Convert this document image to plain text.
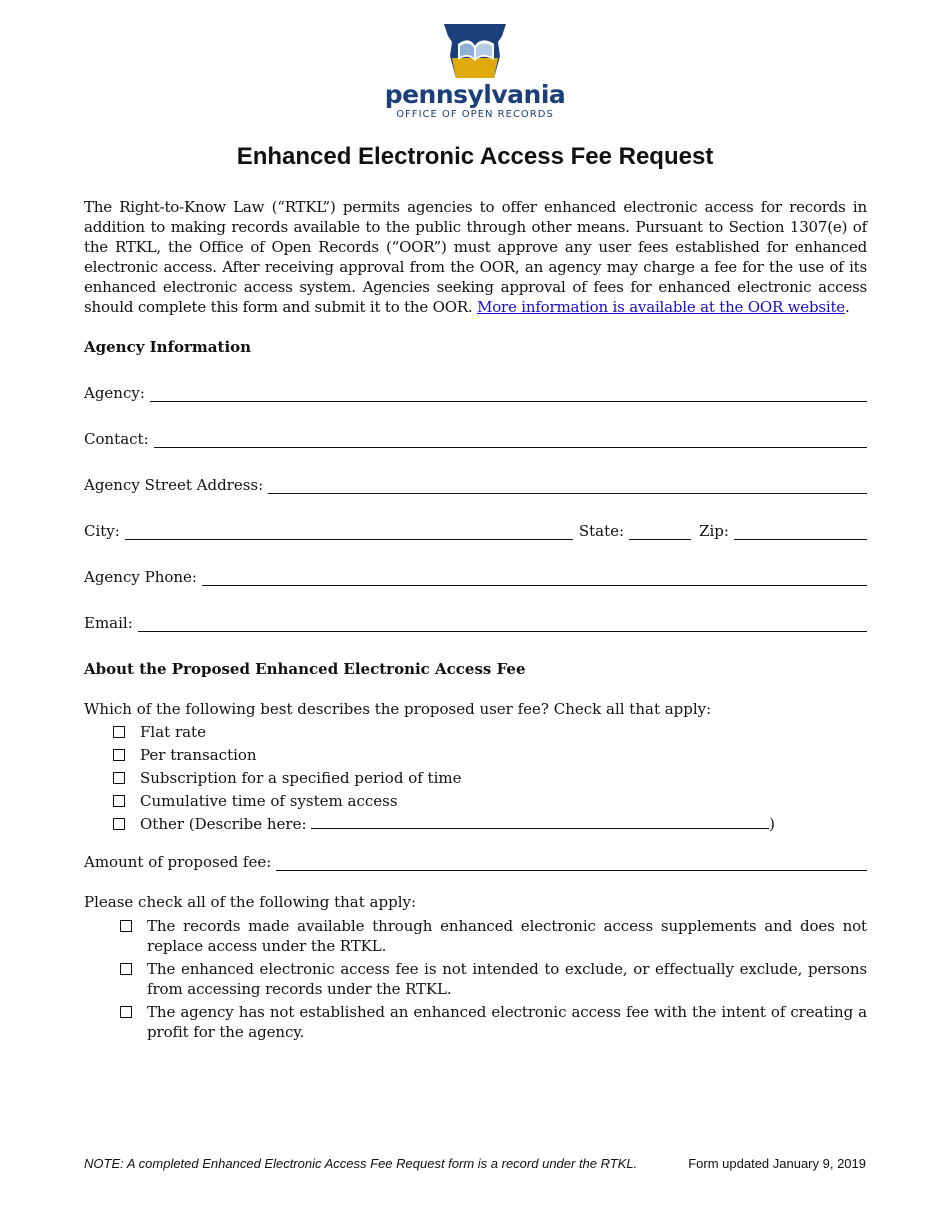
pennsylvania
OFFICE OF OPEN RECORDS
Enhanced Electronic Access Fee Request

The Right-to-Know Law (“RTKL”) permits agencies to offer enhanced electronic access for records in addition to making records available to the public through other means. Pursuant to Section 1307(e) of the RTKL, the Office of Open Records (“OOR”) must approve any user fees established for enhanced electronic access. After receiving approval from the OOR, an agency may charge a fee for the use of its enhanced electronic access system. Agencies seeking approval of fees for enhanced electronic access should complete this form and submit it to the OOR. More information is available at the OOR website.

Agency Information
Agency:
Contact:
Agency Street Address:
City:	State:	Zip:
Agency Phone:
Email:
About the Proposed Enhanced Electronic Access Fee
Which of the following best describes the proposed user fee? Check all that apply:
Flat rate
Per transaction
Subscription for a specified period of time
Cumulative time of system access
Other (Describe here:	)
Amount of proposed fee:
Please check all of the following that apply:
The records made available through enhanced electronic access supplements and does not replace access under the RTKL.
The enhanced electronic access fee is not intended to exclude, or effectually exclude, persons from accessing records under the RTKL.
The agency has not established an enhanced electronic access fee with the intent of creating a profit for the agency.
NOTE: A completed Enhanced Electronic Access Fee Request form is a record under the RTKL.	Form updated January 9, 2019
